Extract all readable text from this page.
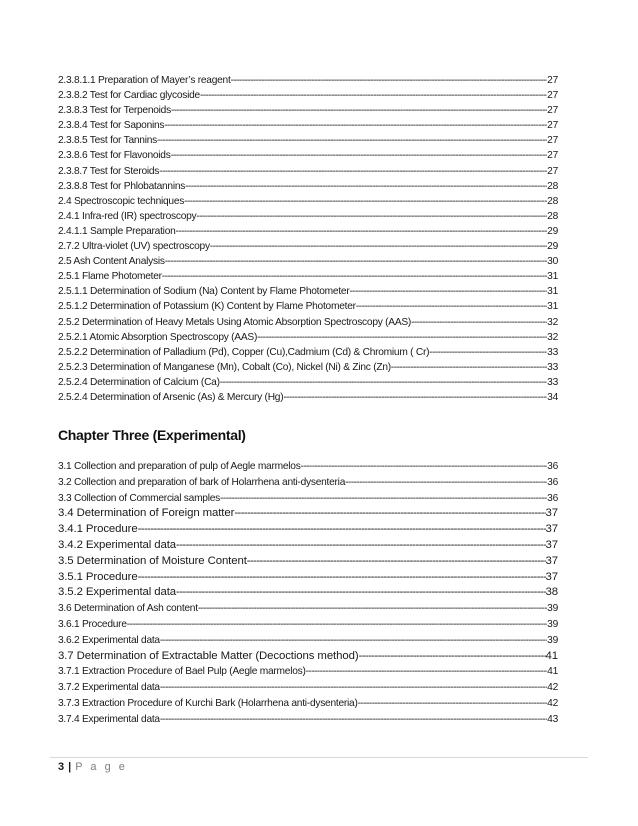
2.3.8.1.1 Preparation of Mayer’s reagent -----	27
2.3.8.2 Test for Cardiac glycoside -----	27
2.3.8.3 Test for Terpenoids -----	27
2.3.8.4 Test for Saponins -----	27
2.3.8.5 Test for Tannins -----	27
2.3.8.6 Test for Flavonoids -----	27
2.3.8.7 Test for Steroids -----	27
2.3.8.8 Test for Phlobatannins -----	28
2.4 Spectroscopic techniques -----	28
2.4.1 Infra-red (IR) spectroscopy -----	28
2.4.1.1 Sample Preparation -----	29
2.7.2 Ultra-violet (UV) spectroscopy -----	29
2.5 Ash Content Analysis -----	30
2.5.1 Flame Photometer -----	31
2.5.1.1 Determination of Sodium (Na) Content by Flame Photometer -----	31
2.5.1.2 Determination of Potassium (K) Content by Flame Photometer -----	31
2.5.2 Determination of Heavy Metals Using Atomic Absorption Spectroscopy (AAS) -----	32
2.5.2.1 Atomic Absorption Spectroscopy (AAS) -----	32
2.5.2.2 Determination of Palladium (Pd), Copper (Cu),Cadmium (Cd) & Chromium ( Cr) -----	33
2.5.2.3 Determination of Manganese (Mn), Cobalt (Co), Nickel (Ni) & Zinc (Zn) -----	33
2.5.2.4 Determination of Calcium (Ca) -----	33
2.5.2.4 Determination of Arsenic (As) & Mercury (Hg) -----	34
Chapter Three (Experimental)
3.1 Collection and preparation of pulp of Aegle marmelos -----	36
3.2 Collection and preparation of bark of Holarrhena anti-dysenteria -----	36
3.3 Collection of Commercial samples -----	36
3.4 Determination of Foreign matter -----	37
3.4.1 Procedure -----	37
3.4.2 Experimental data -----	37
3.5 Determination of Moisture Content -----	37
3.5.1 Procedure -----	37
3.5.2 Experimental data -----	38
3.6 Determination of Ash content -----	39
3.6.1 Procedure -----	39
3.6.2 Experimental data -----	39
3.7 Determination of Extractable Matter (Decoctions method) -----	41
3.7.1 Extraction Procedure of Bael Pulp (Aegle marmelos) -----	41
3.7.2 Experimental data -----	42
3.7.3 Extraction Procedure of Kurchi Bark (Holarrhena anti-dysenteria) -----	42
3.7.4 Experimental data -----	43
3 | P a g e
